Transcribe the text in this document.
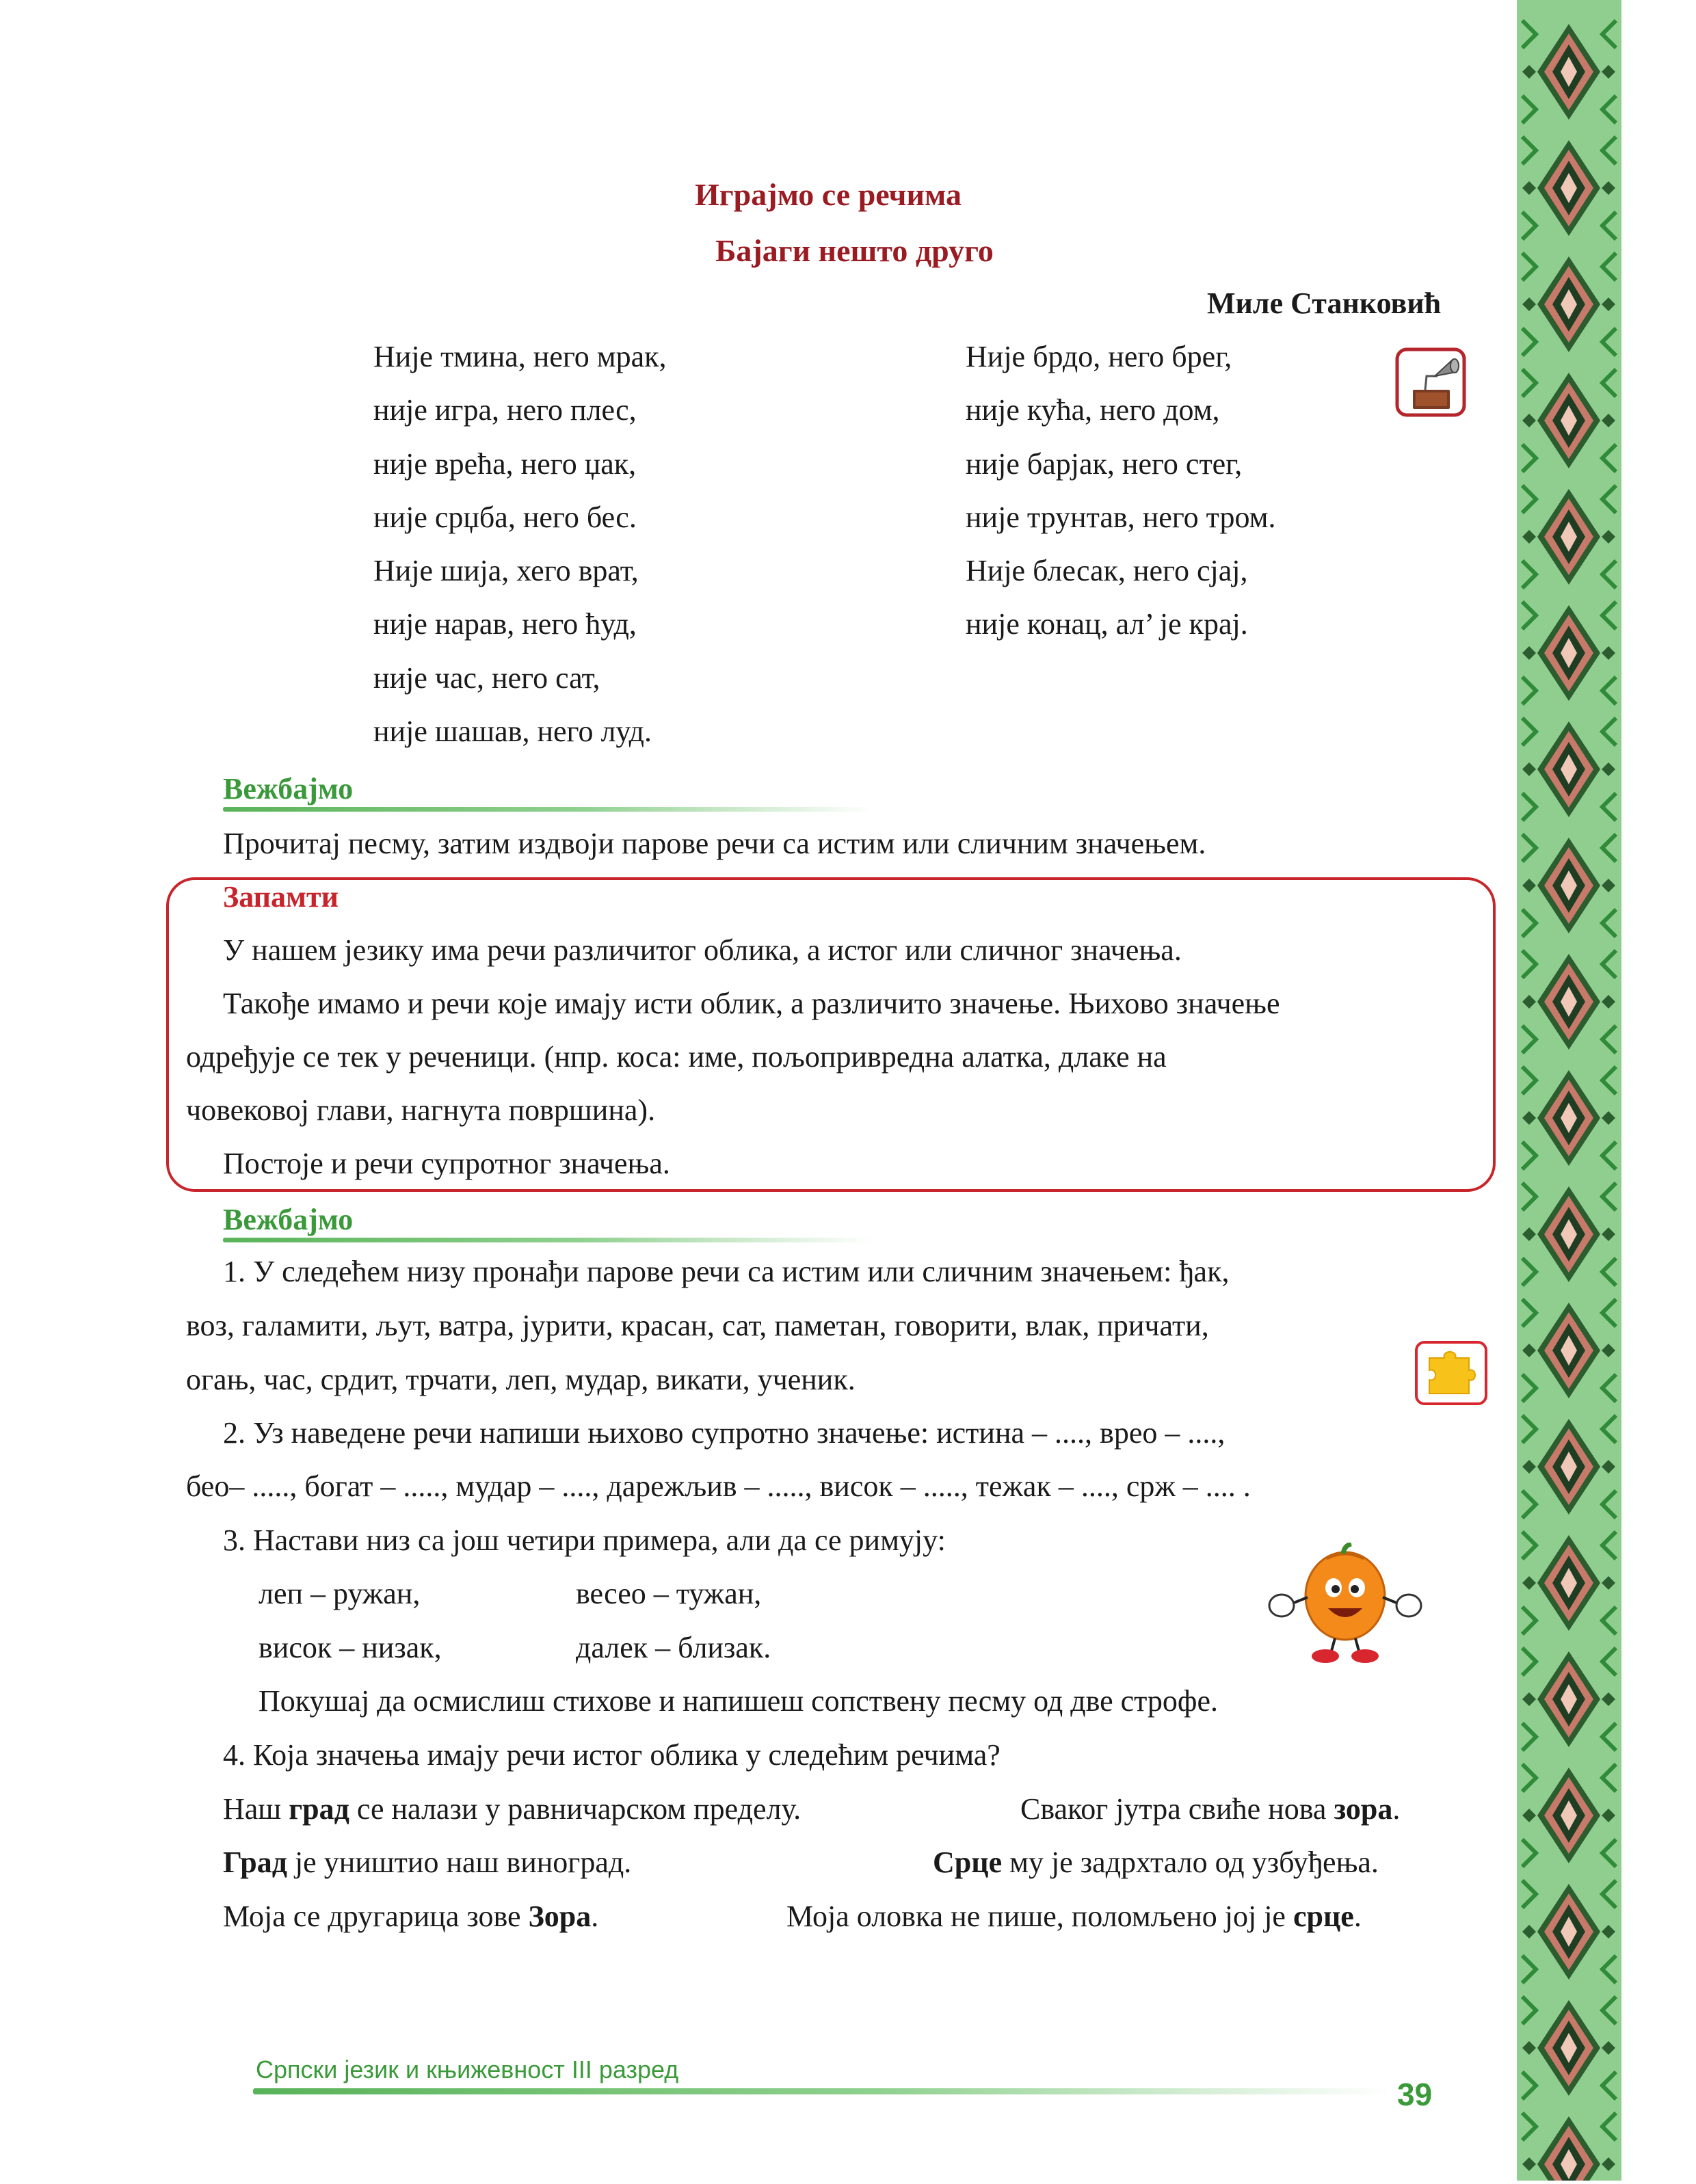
Играјмо се речима
Бајаги нешто друго
Миле Станковић
Није тмина, него мрак,
није игра, него плес,
није врећа, него џак,
није срџба, него бес.
Није шија, хего врат,
није нарав, него ћуд,
није час, него сат,
није шашав, него луд.
Није брдо, него брег,
није кућа, него дом,
није барјак, него стег,
није трунтав, него тром.
Није блесак, него сјај,
није конац, ал’ је крај.
Вежбајмо
Прочитај песму, затим издвоји парове речи са истим или сличним значењем.
Запамти
У нашем језику има речи различитог облика, а истог или сличног значења.
Такође имамо и речи које имају исти облик, а различито значење. Њихово значење
одређује се тек у реченици. (нпр. коса: име, пољопривредна алатка, длаке на
човековој глави, нагнута површина).
Постоје и речи супротног значења.
Вежбајмо
1. У следећем низу пронађи парове речи са истим или сличним значењем: ђак,
воз, галамити, љут, ватра, јурити, красан, сат, паметан, говорити, влак, причати,
огањ, час, срдит, трчати, леп, мудар, викати, ученик.
2. Уз наведене речи напиши њихово супротно значење: истина – ...., врео – ....,
бео– ....., богат – ....., мудар – ...., дарежљив – ....., висок – ....., тежак – ...., срж – .... .
3. Настави низ са још четири примера, али да се римују:
леп – ружан,	весео – тужан,
висок – низак,	далек – близак.
Покушај да осмислиш стихове и напишеш сопствену песму од две строфе.
4. Која значења имају речи истог облика у следећим речима?
Наш град се налази у равничарском пределу.	Сваког јутра свиће нова зора.
Град је уништио наш виноград.	Срце му је задрхтало од узбуђења.
Моја се другарица зове Зора.	Моја оловка не пише, поломљено јој је срце.
Српски језик и књижевност III разред
39
